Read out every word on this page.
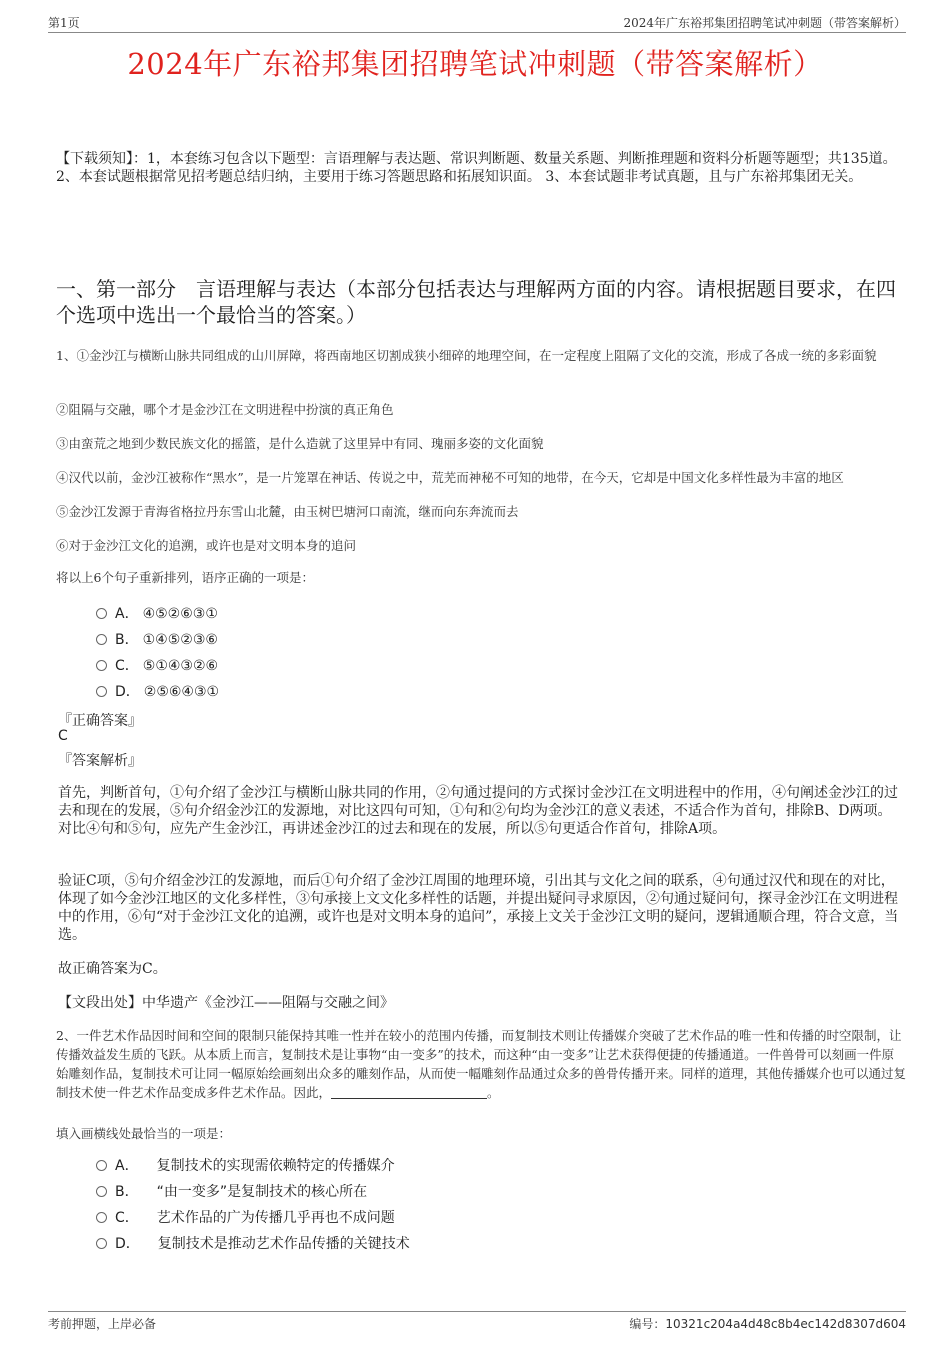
第1页	2024年广东裕邦集团招聘笔试冲刺题（带答案解析）
2024年广东裕邦集团招聘笔试冲刺题（带答案解析）
【下载须知】：1，本套练习包含以下题型：言语理解与表达题、常识判断题、数量关系题、判断推理题和资料分析题等题型；共135道。 2、本套试题根据常见招考题总结归纳，主要用于练习答题思路和拓展知识面。 3、本套试题非考试真题，且与广东裕邦集团无关。
一、第一部分　言语理解与表达（本部分包括表达与理解两方面的内容。请根据题目要求，在四个选项中选出一个最恰当的答案。）
1、①金沙江与横断山脉共同组成的山川屏障，将西南地区切割成狭小细碎的地理空间，在一定程度上阻隔了文化的交流，形成了各成一统的多彩面貌
②阻隔与交融，哪个才是金沙江在文明进程中扮演的真正角色
③由蛮荒之地到少数民族文化的摇篮，是什么造就了这里异中有同、瑰丽多姿的文化面貌
④汉代以前，金沙江被称作“黑水”，是一片笼罩在神话、传说之中，荒芜而神秘不可知的地带，在今天，它却是中国文化多样性最为丰富的地区
⑤金沙江发源于青海省格拉丹东雪山北麓，由玉树巴塘河口南流，继而向东奔流而去
⑥对于金沙江文化的追溯，或许也是对文明本身的追问
将以上6个句子重新排列，语序正确的一项是：
A． ④⑤②⑥③①
B． ①④⑤②③⑥
C． ⑤①④③②⑥
D． ②⑤⑥④③①
『正确答案』
C
『答案解析』
首先，判断首句，①句介绍了金沙江与横断山脉共同的作用，②句通过提问的方式探讨金沙江在文明进程中的作用，④句阐述金沙江的过去和现在的发展，⑤句介绍金沙江的发源地，对比这四句可知，①句和②句均为金沙江的意义表述，不适合作为首句，排除B、D两项。对比④句和⑤句，应先产生金沙江，再讲述金沙江的过去和现在的发展，所以⑤句更适合作首句，排除A项。
验证C项，⑤句介绍金沙江的发源地，而后①句介绍了金沙江周围的地理环境，引出其与文化之间的联系，④句通过汉代和现在的对比，体现了如今金沙江地区的文化多样性，③句承接上文文化多样性的话题，并提出疑问寻求原因，②句通过疑问句，探寻金沙江在文明进程中的作用，⑥句“对于金沙江文化的追溯，或许也是对文明本身的追问”，承接上文关于金沙江文明的疑问，逻辑通顺合理，符合文意，当选。
故正确答案为C。
【文段出处】中华遗产《金沙江——阻隔与交融之间》
2、一件艺术作品因时间和空间的限制只能保持其唯一性并在较小的范围内传播，而复制技术则让传播媒介突破了艺术作品的唯一性和传播的时空限制，让传播效益发生质的飞跃。从本质上而言，复制技术是让事物“由一变多”的技术，而这种“由一变多”让艺术获得便捷的传播通道。一件兽骨可以刻画一件原始雕刻作品，复制技术可让同一幅原始绘画刻出众多的雕刻作品，从而使一幅雕刻作品通过众多的兽骨传播开来。同样的道理，其他传播媒介也可以通过复制技术使一件艺术作品变成多件艺术作品。因此，	。
填入画横线处最恰当的一项是：
A． 复制技术的实现需依赖特定的传播媒介
B． “由一变多”是复制技术的核心所在
C． 艺术作品的广为传播几乎再也不成问题
D． 复制技术是推动艺术作品传播的关键技术
考前押题，上岸必备	编号：10321c204a4d48c8b4ec142d8307d604
